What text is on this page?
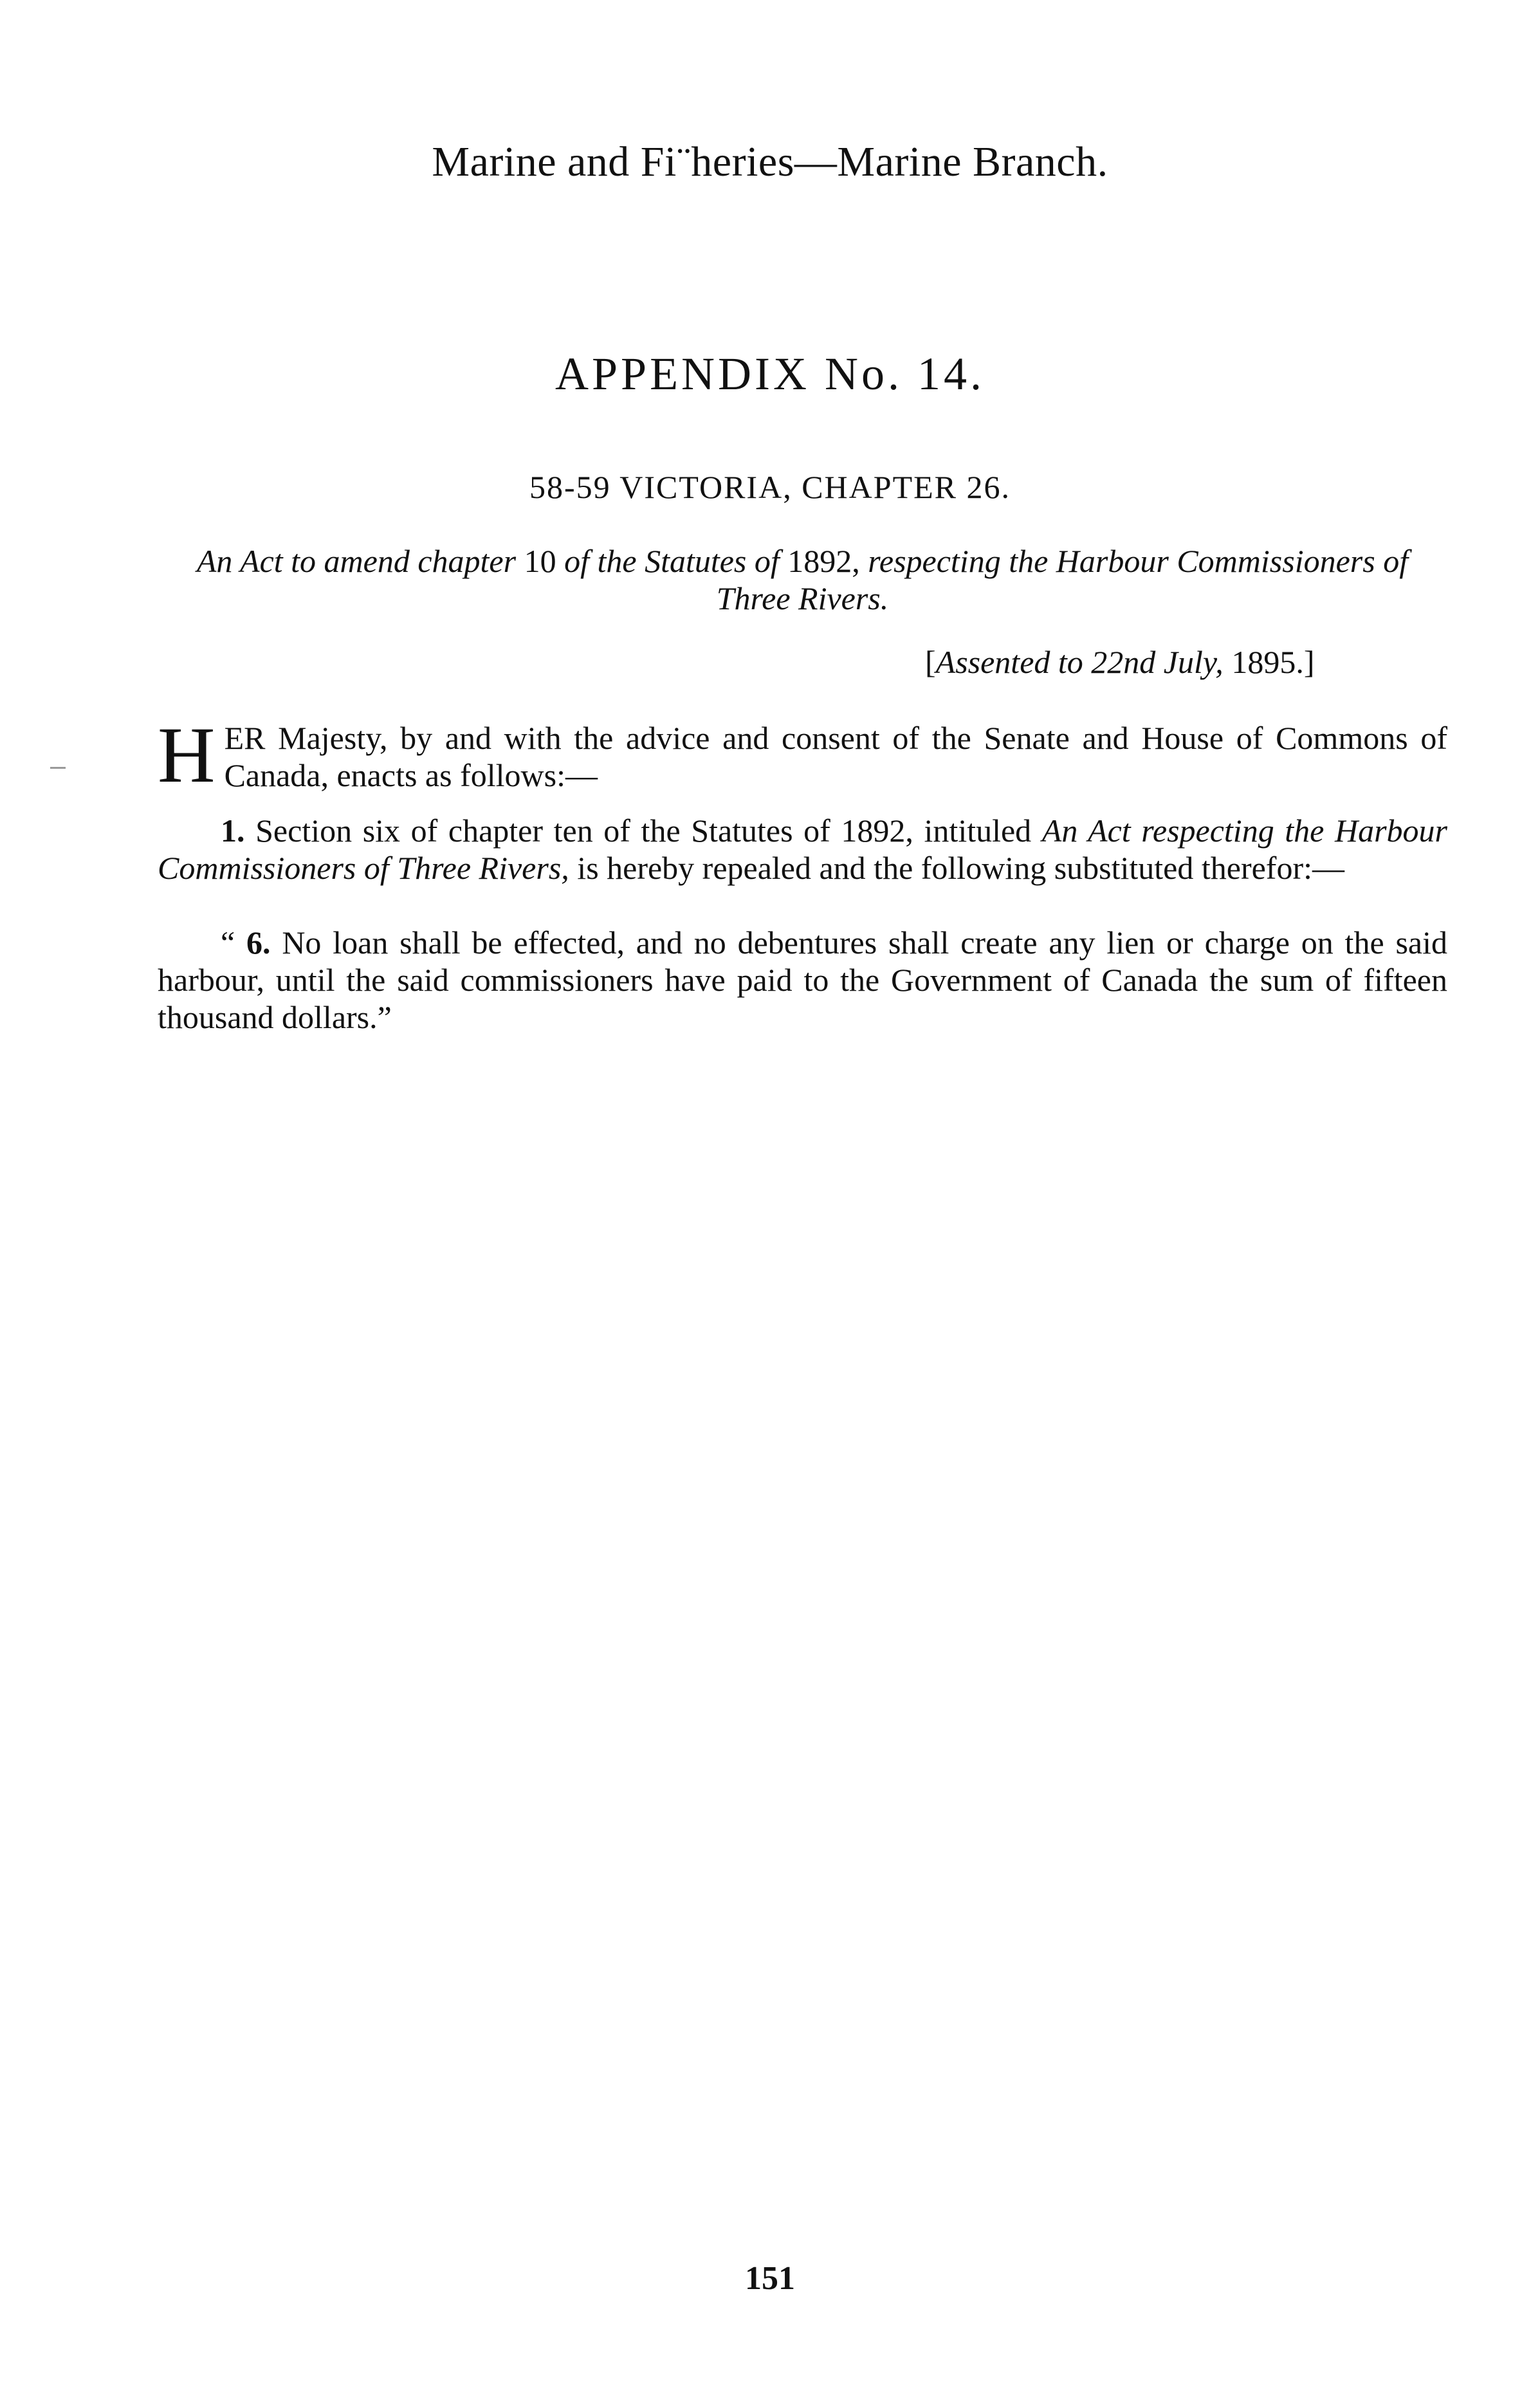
Marine and Fi¨heries—Marine Branch.
APPENDIX No. 14.
58-59 VICTORIA, CHAPTER 26.
An Act to amend chapter 10 of the Statutes of 1892, respecting the Harbour Commissioners of Three Rivers.
[Assented to 22nd July, 1895.]
HER Majesty, by and with the advice and consent of the Senate and House of Commons of Canada, enacts as follows:—
1. Section six of chapter ten of the Statutes of 1892, intituled An Act respecting the Harbour Commissioners of Three Rivers, is hereby repealed and the following substituted therefor:—
“ 6. No loan shall be effected, and no debentures shall create any lien or charge on the said harbour, until the said commissioners have paid to the Government of Canada the sum of fifteen thousand dollars.”
151
